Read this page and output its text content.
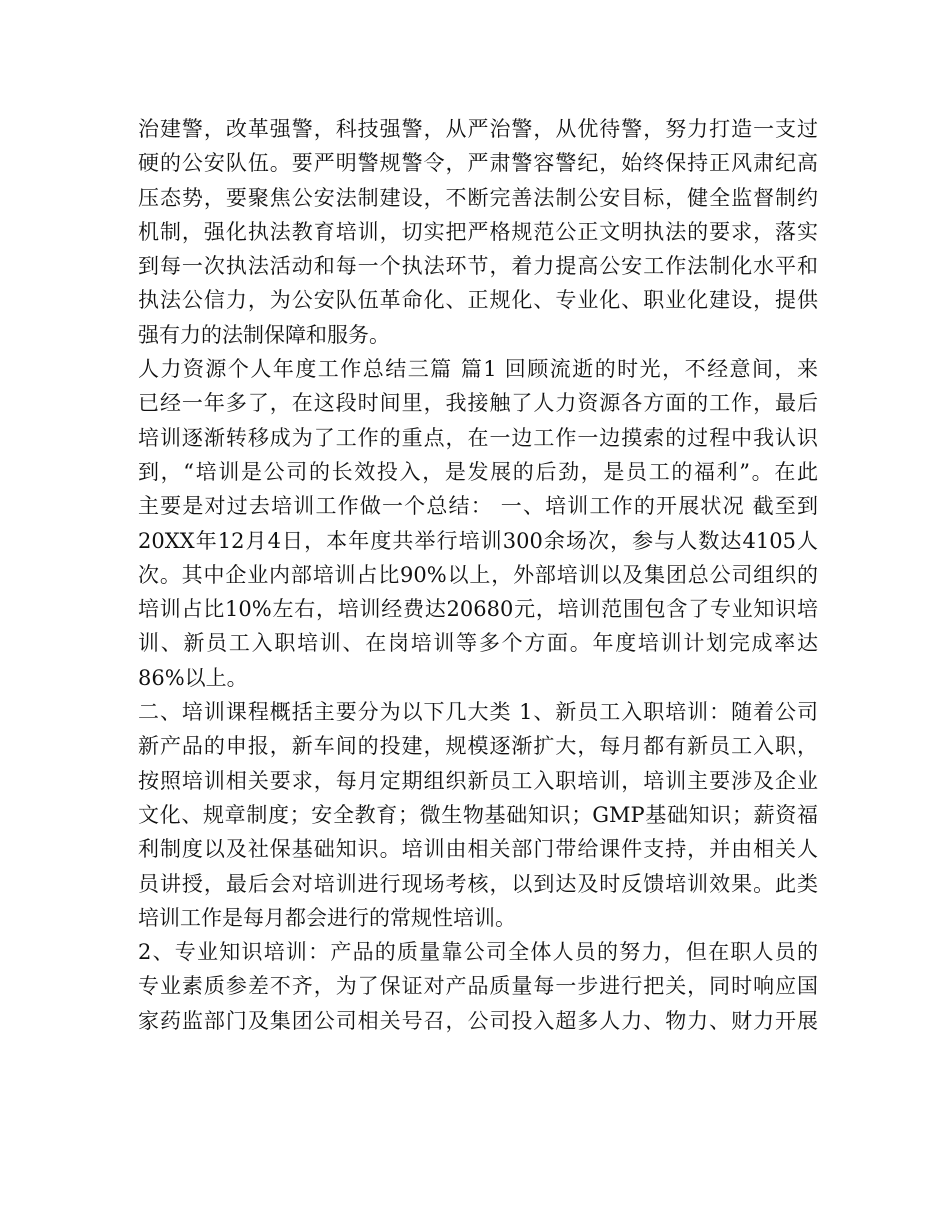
治建警，改革强警，科技强警，从严治警，从优待警，努力打造一支过
硬的公安队伍。要严明警规警令，严肃警容警纪，始终保持正风肃纪高
压态势，要聚焦公安法制建设，不断完善法制公安目标，健全监督制约
机制，强化执法教育培训，切实把严格规范公正文明执法的要求，落实
到每一次执法活动和每一个执法环节，着力提高公安工作法制化水平和
执法公信力，为公安队伍革命化、正规化、专业化、职业化建设，提供
强有力的法制保障和服务。
人力资源个人年度工作总结三篇 篇1 回顾流逝的时光，不经意间，来
已经一年多了，在这段时间里，我接触了人力资源各方面的工作，最后
培训逐渐转移成为了工作的重点，在一边工作一边摸索的过程中我认识
到，“培训是公司的长效投入，是发展的后劲，是员工的福利”。在此
主要是对过去培训工作做一个总结： 一、培训工作的开展状况 截至到
20XX年12月4日，本年度共举行培训300余场次，参与人数达4105人
次。其中企业内部培训占比90%以上，外部培训以及集团总公司组织的
培训占比10%左右，培训经费达20680元，培训范围包含了专业知识培
训、新员工入职培训、在岗培训等多个方面。年度培训计划完成率达
86%以上。
二、培训课程概括主要分为以下几大类 1、新员工入职培训：随着公司
新产品的申报，新车间的投建，规模逐渐扩大，每月都有新员工入职，
按照培训相关要求，每月定期组织新员工入职培训，培训主要涉及企业
文化、规章制度；安全教育；微生物基础知识；GMP基础知识；薪资福
利制度以及社保基础知识。培训由相关部门带给课件支持，并由相关人
员讲授，最后会对培训进行现场考核，以到达及时反馈培训效果。此类
培训工作是每月都会进行的常规性培训。
2、专业知识培训：产品的质量靠公司全体人员的努力，但在职人员的
专业素质参差不齐，为了保证对产品质量每一步进行把关，同时响应国
家药监部门及集团公司相关号召，公司投入超多人力、物力、财力开展
